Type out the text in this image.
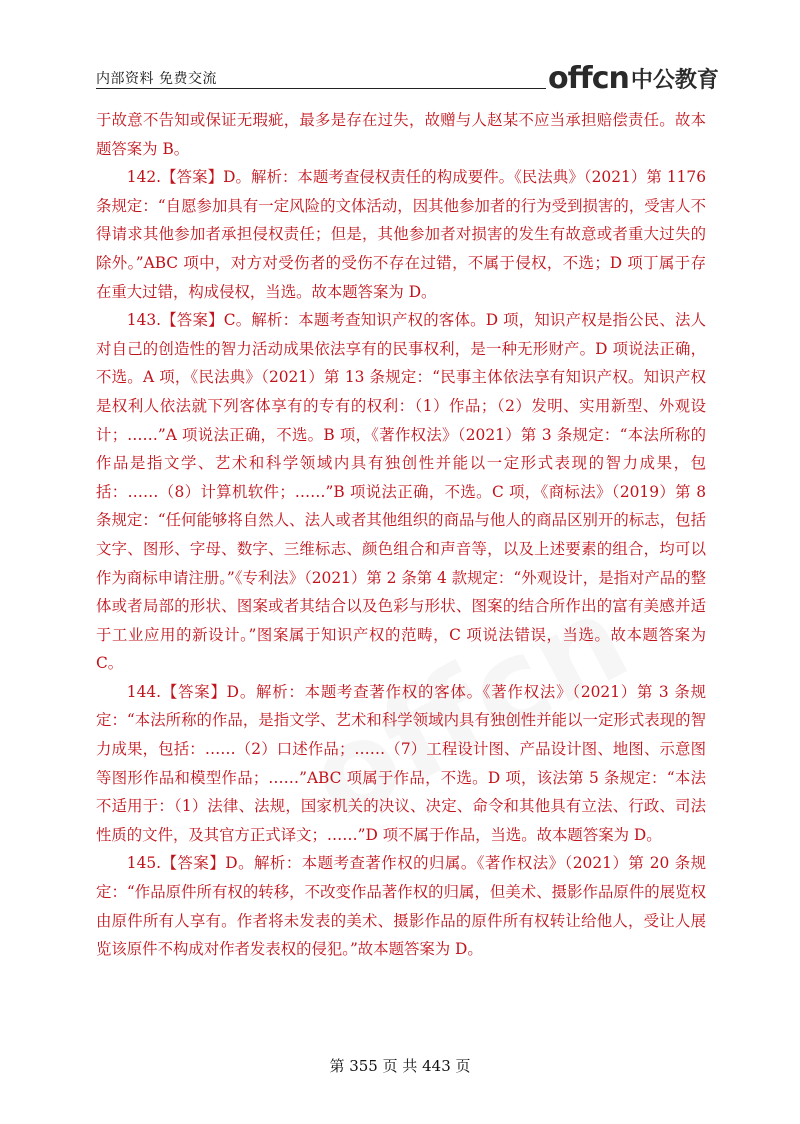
内部资料 免费交流	offcn 中公教育

于故意不告知或保证无瑕疵，最多是存在过失，故赠与人赵某不应当承担赔偿责任。故本题答案为 B。

142.【答案】D。解析：本题考查侵权责任的构成要件。《民法典》（2021）第 1176 条规定：“自愿参加具有一定风险的文体活动，因其他参加者的行为受到损害的，受害人不得请求其他参加者承担侵权责任；但是，其他参加者对损害的发生有故意或者重大过失的除外。”ABC 项中，对方对受伤者的受伤不存在过错，不属于侵权，不选；D 项丁属于存在重大过错，构成侵权，当选。故本题答案为 D。

143.【答案】C。解析：本题考查知识产权的客体。D 项，知识产权是指公民、法人对自己的创造性的智力活动成果依法享有的民事权利，是一种无形财产。D 项说法正确，不选。A 项，《民法典》（2021）第 13 条规定：“民事主体依法享有知识产权。知识产权是权利人依法就下列客体享有的专有的权利：（1）作品；（2）发明、实用新型、外观设计；……”A 项说法正确，不选。B 项，《著作权法》（2021）第 3 条规定：“本法所称的作品是指文学、艺术和科学领域内具有独创性并能以一定形式表现的智力成果，包括：……（8）计算机软件；……”B 项说法正确，不选。C 项，《商标法》（2019）第 8 条规定：“任何能够将自然人、法人或者其他组织的商品与他人的商品区别开的标志，包括文字、图形、字母、数字、三维标志、颜色组合和声音等，以及上述要素的组合，均可以作为商标申请注册。”《专利法》（2021）第 2 条第 4 款规定：“外观设计，是指对产品的整体或者局部的形状、图案或者其结合以及色彩与形状、图案的结合所作出的富有美感并适于工业应用的新设计。”图案属于知识产权的范畴，C 项说法错误，当选。故本题答案为 C。

144.【答案】D。解析：本题考查著作权的客体。《著作权法》（2021）第 3 条规定：“本法所称的作品，是指文学、艺术和科学领域内具有独创性并能以一定形式表现的智力成果，包括：……（2）口述作品；……（7）工程设计图、产品设计图、地图、示意图等图形作品和模型作品；……”ABC 项属于作品，不选。D 项，该法第 5 条规定：“本法不适用于：（1）法律、法规，国家机关的决议、决定、命令和其他具有立法、行政、司法性质的文件，及其官方正式译文；……”D 项不属于作品，当选。故本题答案为 D。

145.【答案】D。解析：本题考查著作权的归属。《著作权法》（2021）第 20 条规定：“作品原件所有权的转移，不改变作品著作权的归属，但美术、摄影作品原件的展览权由原件所有人享有。作者将未发表的美术、摄影作品的原件所有权转让给他人，受让人展览该原件不构成对作者发表权的侵犯。”故本题答案为 D。

第 355 页 共 443 页
